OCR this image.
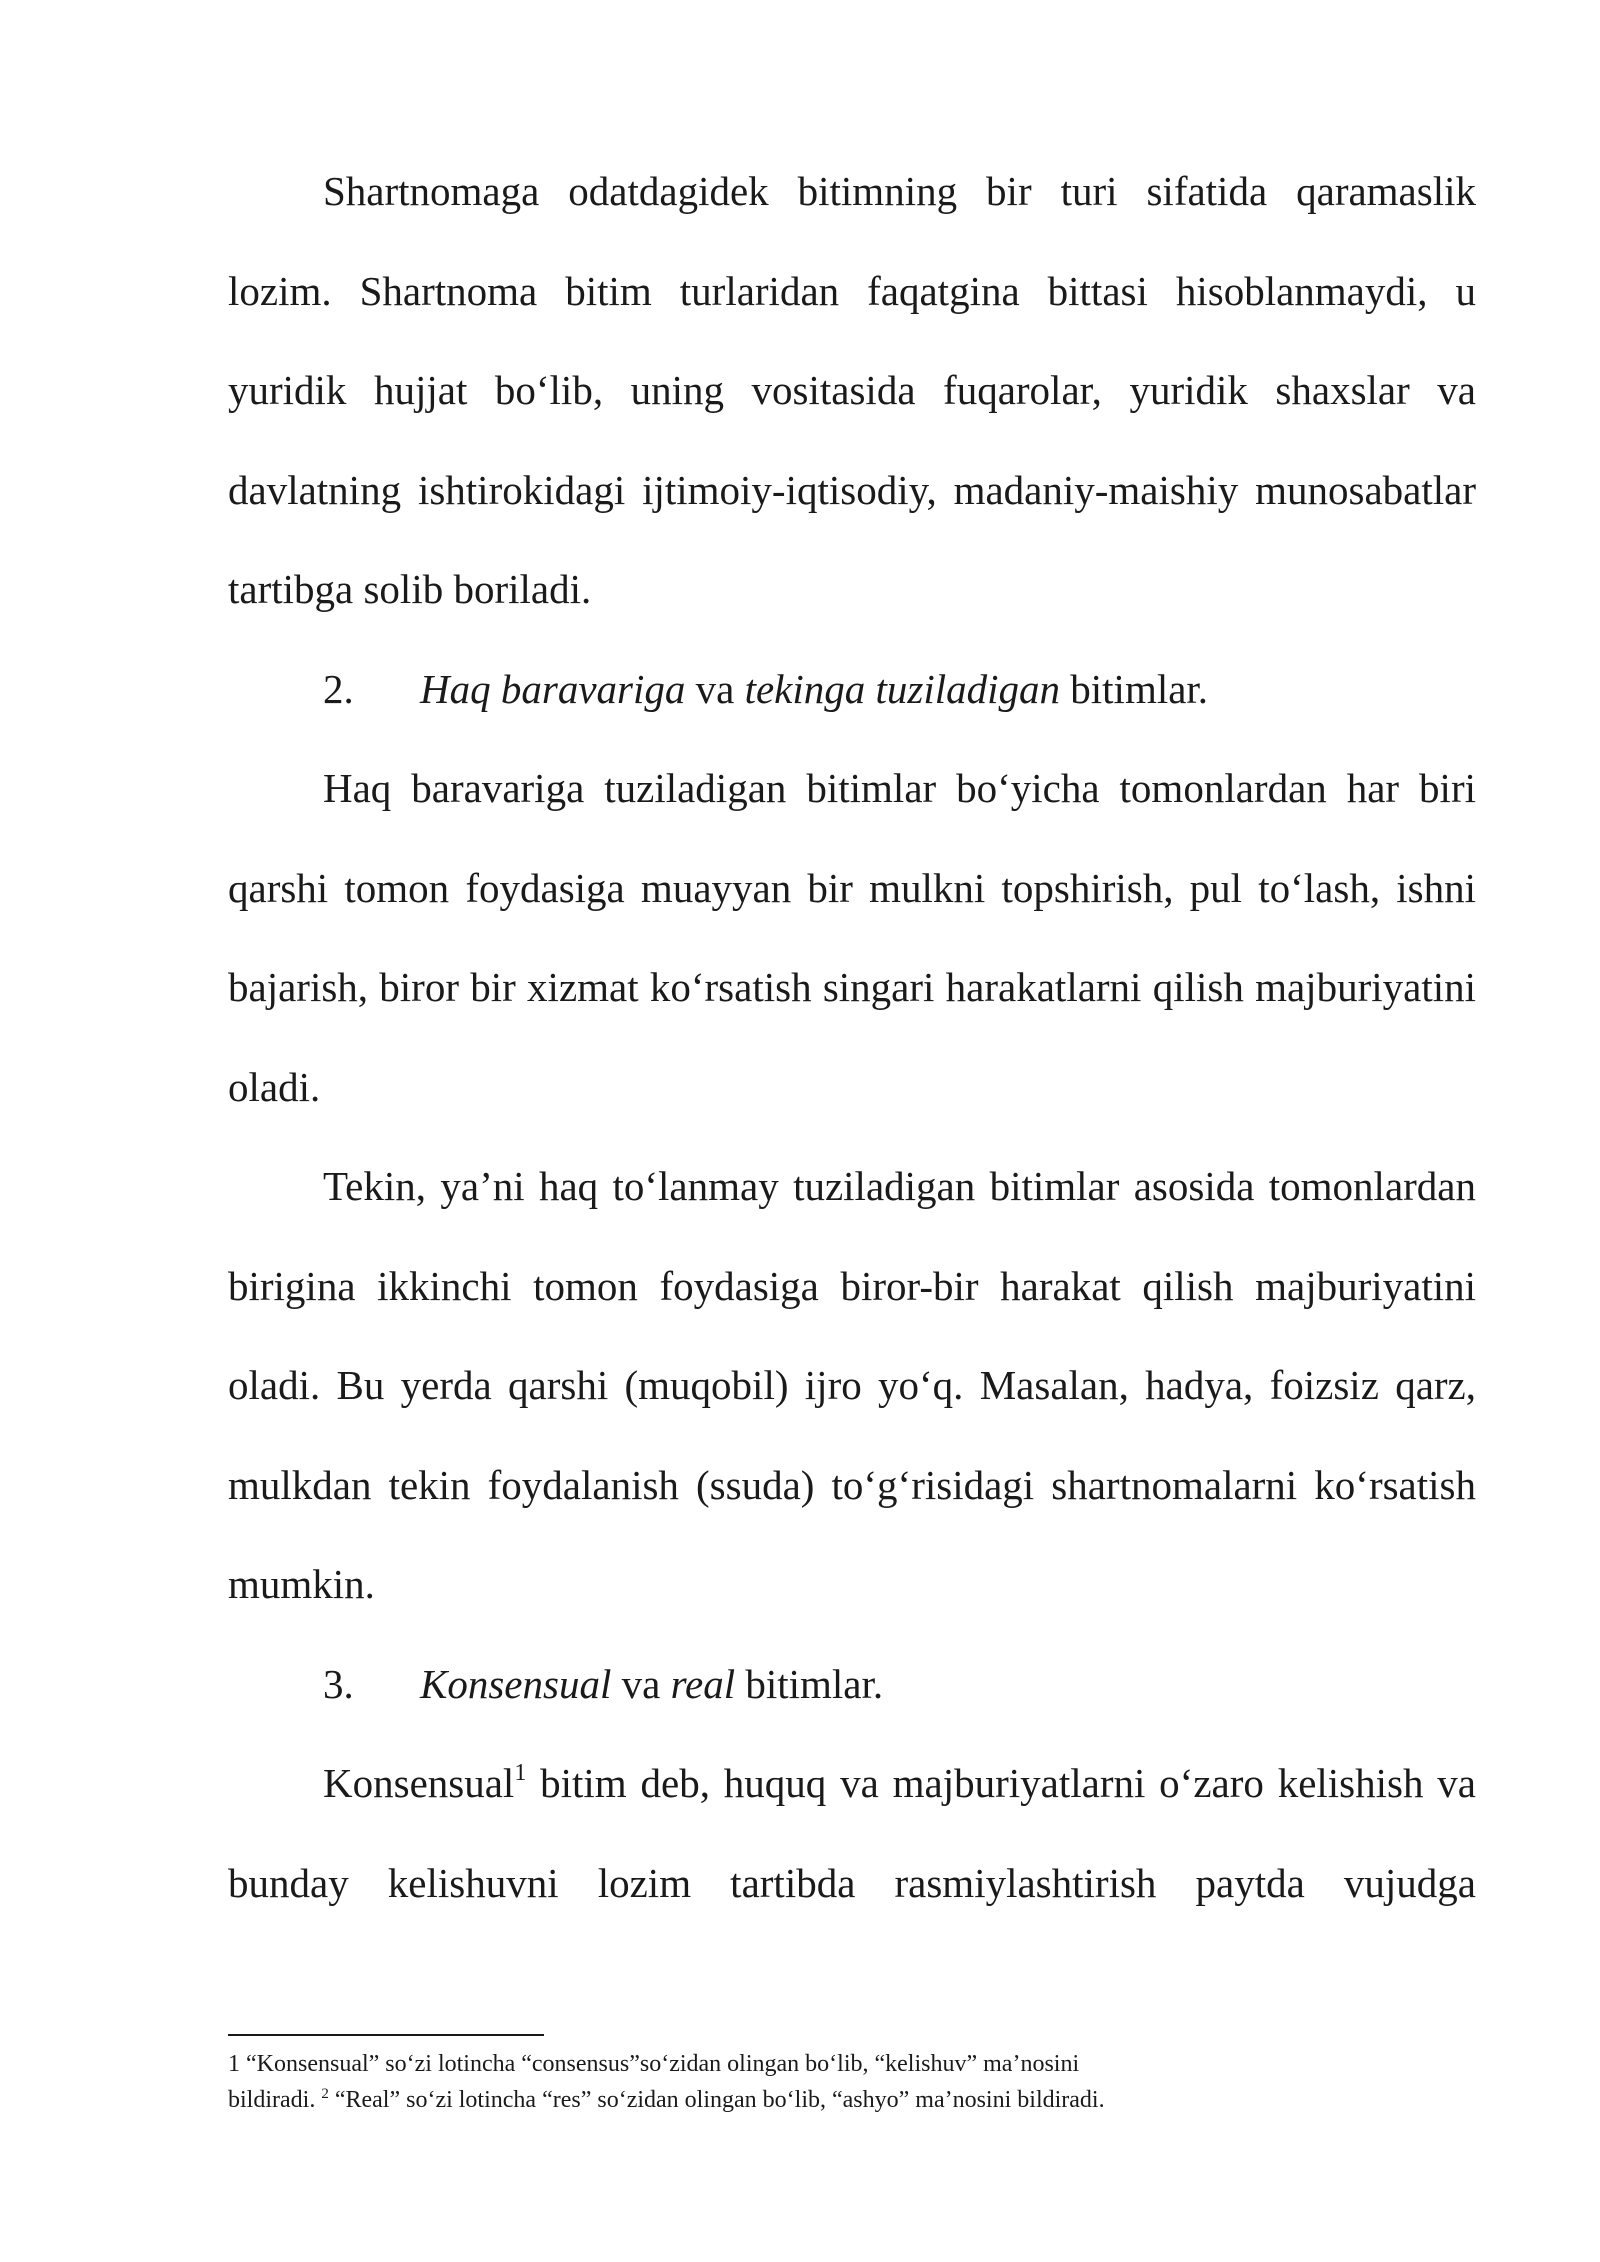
Shartnomaga odatdagidek bitimning bir turi sifatida qaramaslik lozim. Shartnoma bitim turlaridan faqatgina bittasi hisoblanmaydi, u yuridik hujjat bo‘lib, uning vositasida fuqarolar, yuridik shaxslar va davlatning ishtirokidagi ijtimoiy-iqtisodiy, madaniy-maishiy munosabatlar tartibga solib boriladi.

2. Haq baravariga va tekinga tuziladigan bitimlar.

Haq baravariga tuziladigan bitimlar bo‘yicha tomonlardan har biri qarshi tomon foydasiga muayyan bir mulkni topshirish, pul to‘lash, ishni bajarish, biror bir xizmat ko‘rsatish singari harakatlarni qilish majburiyatini oladi.

Tekin, ya’ni haq to‘lanmay tuziladigan bitimlar asosida tomonlardan birigina ikkinchi tomon foydasiga biror-bir harakat qilish majburiyatini oladi. Bu yerda qarshi (muqobil) ijro yo‘q. Masalan, hadya, foizsiz qarz, mulkdan tekin foydalanish (ssuda) to‘g‘risidagi shartnomalarni ko‘rsatish mumkin.

3. Konsensual va real bitimlar.

Konsensual$^1$ bitim deb, huquq va majburiyatlarni o‘zaro kelishish va bunday kelishuvni lozim tartibda rasmiylashtirish paytda vujudga

1 “Konsensual” so‘zi lotincha “consensus”so‘zidan olingan bo‘lib, “kelishuv” ma’nosini

bildiradi. $^2$ “Real” so‘zi lotincha “res” so‘zidan olingan bo‘lib, “ashyo” ma’nosini bildiradi.
